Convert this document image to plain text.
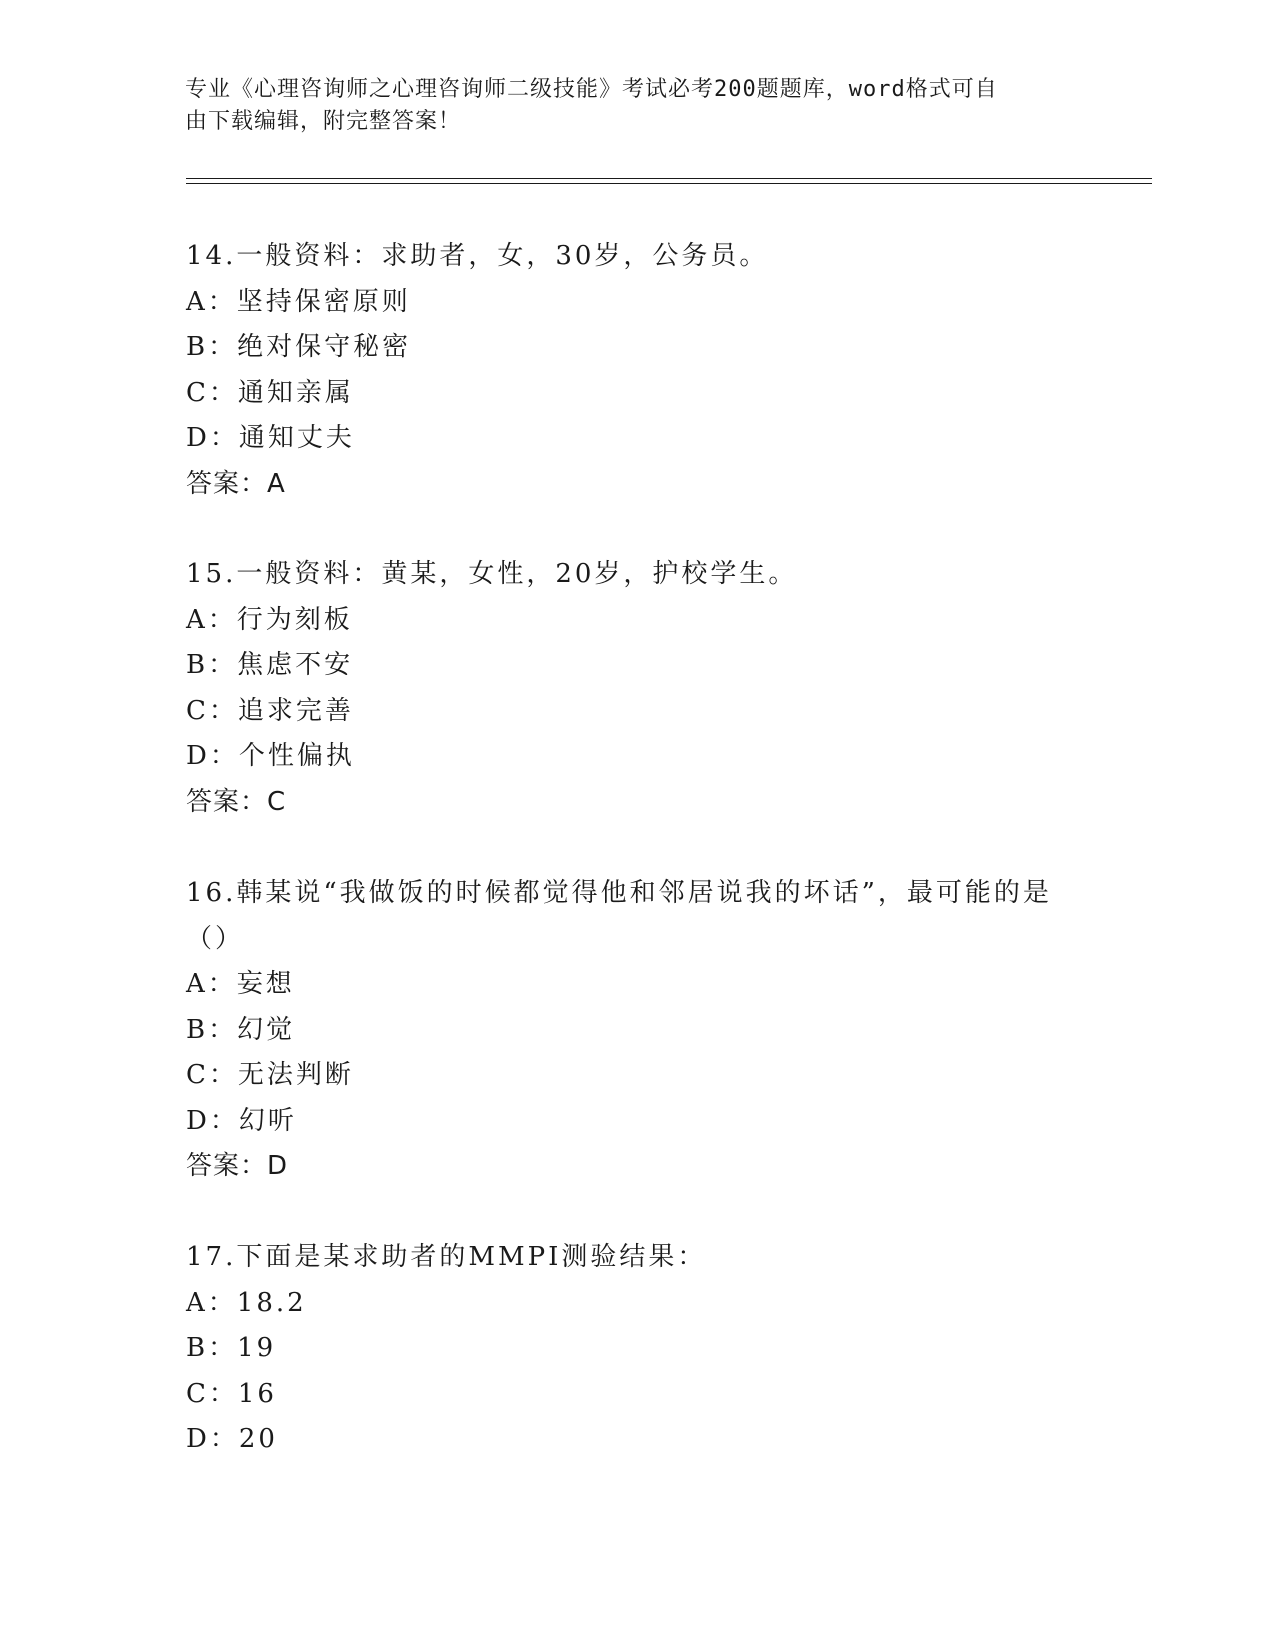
专业《心理咨询师之心理咨询师二级技能》考试必考200题题库，word格式可自
由下载编辑，附完整答案！
14.一般资料：求助者，女，30岁，公务员。
A：坚持保密原则
B：绝对保守秘密
C：通知亲属
D：通知丈夫
答案：A
15.一般资料：黄某，女性，20岁，护校学生。
A：行为刻板
B：焦虑不安
C：追求完善
D：个性偏执
答案：C
16.韩某说“我做饭的时候都觉得他和邻居说我的坏话”，最可能的是
（）
A：妄想
B：幻觉
C：无法判断
D：幻听
答案：D
17.下面是某求助者的MMPI测验结果：
A：18.2
B：19
C：16
D：20
